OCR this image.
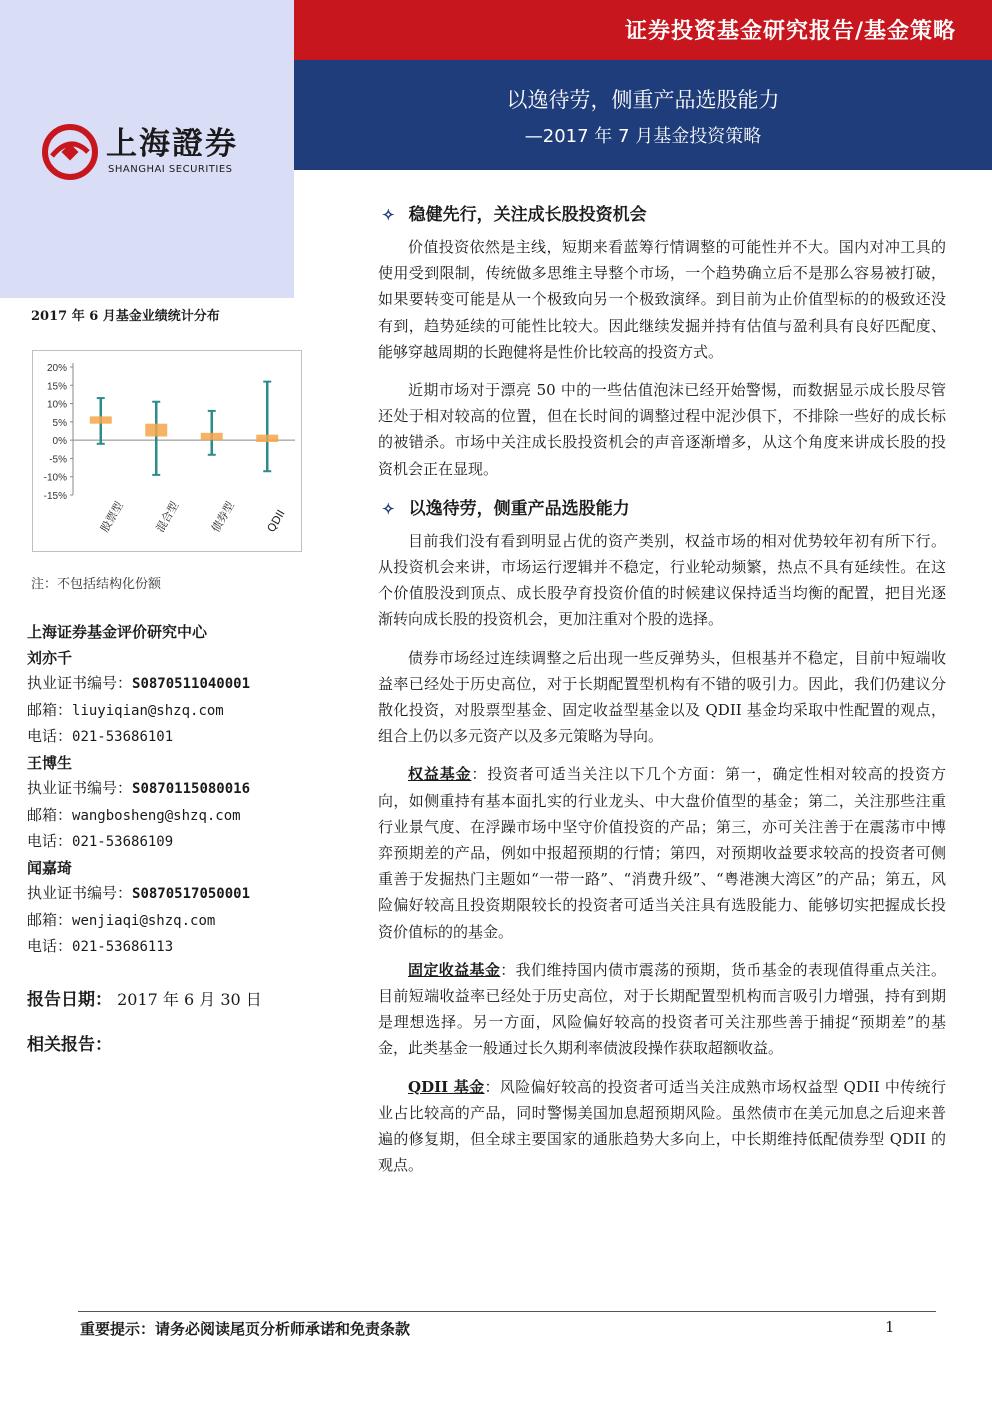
上海證券
SHANGHAI SECURITIES
证券投资基金研究报告/基金策略
以逸待劳，侧重产品选股能力
—2017 年 7 月基金投资策略
2017 年 6 月基金业绩统计分布
20%
15%
10%
5%
0%
-5%
-10%
-15%
股票型	混合型	债券型	QDII
注：不包括结构化份额
上海证券基金评价研究中心
刘亦千
执业证书编号：S0870511040001
邮箱：liuyiqian@shzq.com
电话：021-53686101
王博生
执业证书编号：S0870115080016
邮箱：wangbosheng@shzq.com
电话：021-53686109
闻嘉琦
执业证书编号：S0870517050001
邮箱：wenjiaqi@shzq.com
电话：021-53686113
报告日期： 2017 年 6 月 30 日
相关报告：
✧ 稳健先行，关注成长股投资机会

价值投资依然是主线，短期来看蓝筹行情调整的可能性并不大。国内对冲工具的使用受到限制，传统做多思维主导整个市场，一个趋势确立后不是那么容易被打破，如果要转变可能是从一个极致向另一个极致演绎。到目前为止价值型标的的极致还没有到，趋势延续的可能性比较大。因此继续发掘并持有估值与盈利具有良好匹配度、能够穿越周期的长跑健将是性价比较高的投资方式。

近期市场对于漂亮 50 中的一些估值泡沫已经开始警惕，而数据显示成长股尽管还处于相对较高的位置，但在长时间的调整过程中泥沙俱下，不排除一些好的成长标的被错杀。市场中关注成长股投资机会的声音逐渐增多，从这个角度来讲成长股的投资机会正在显现。

✧ 以逸待劳，侧重产品选股能力

目前我们没有看到明显占优的资产类别，权益市场的相对优势较年初有所下行。从投资机会来讲，市场运行逻辑并不稳定，行业轮动频繁，热点不具有延续性。在这个价值股没到顶点、成长股孕育投资价值的时候建议保持适当均衡的配置，把目光逐渐转向成长股的投资机会，更加注重对个股的选择。

债券市场经过连续调整之后出现一些反弹势头，但根基并不稳定，目前中短端收益率已经处于历史高位，对于长期配置型机构有不错的吸引力。因此，我们仍建议分散化投资，对股票型基金、固定收益型基金以及 QDII 基金均采取中性配置的观点，组合上仍以多元资产以及多元策略为导向。

权益基金：投资者可适当关注以下几个方面：第一，确定性相对较高的投资方向，如侧重持有基本面扎实的行业龙头、中大盘价值型的基金；第二，关注那些注重行业景气度、在浮躁市场中坚守价值投资的产品；第三，亦可关注善于在震荡市中博弈预期差的产品，例如中报超预期的行情；第四，对预期收益要求较高的投资者可侧重善于发掘热门主题如“一带一路”、“消费升级”、“粤港澳大湾区”的产品；第五，风险偏好较高且投资期限较长的投资者可适当关注具有选股能力、能够切实把握成长投资价值标的的基金。

固定收益基金：我们维持国内债市震荡的预期，货币基金的表现值得重点关注。目前短端收益率已经处于历史高位，对于长期配置型机构而言吸引力增强，持有到期是理想选择。另一方面，风险偏好较高的投资者可关注那些善于捕捉“预期差”的基金，此类基金一般通过长久期利率债波段操作获取超额收益。

QDII 基金：风险偏好较高的投资者可适当关注成熟市场权益型 QDII 中传统行业占比较高的产品，同时警惕美国加息超预期风险。虽然债市在美元加息之后迎来普遍的修复期，但全球主要国家的通胀趋势大多向上，中长期维持低配债券型 QDII 的观点。

重要提示：请务必阅读尾页分析师承诺和免责条款	1
